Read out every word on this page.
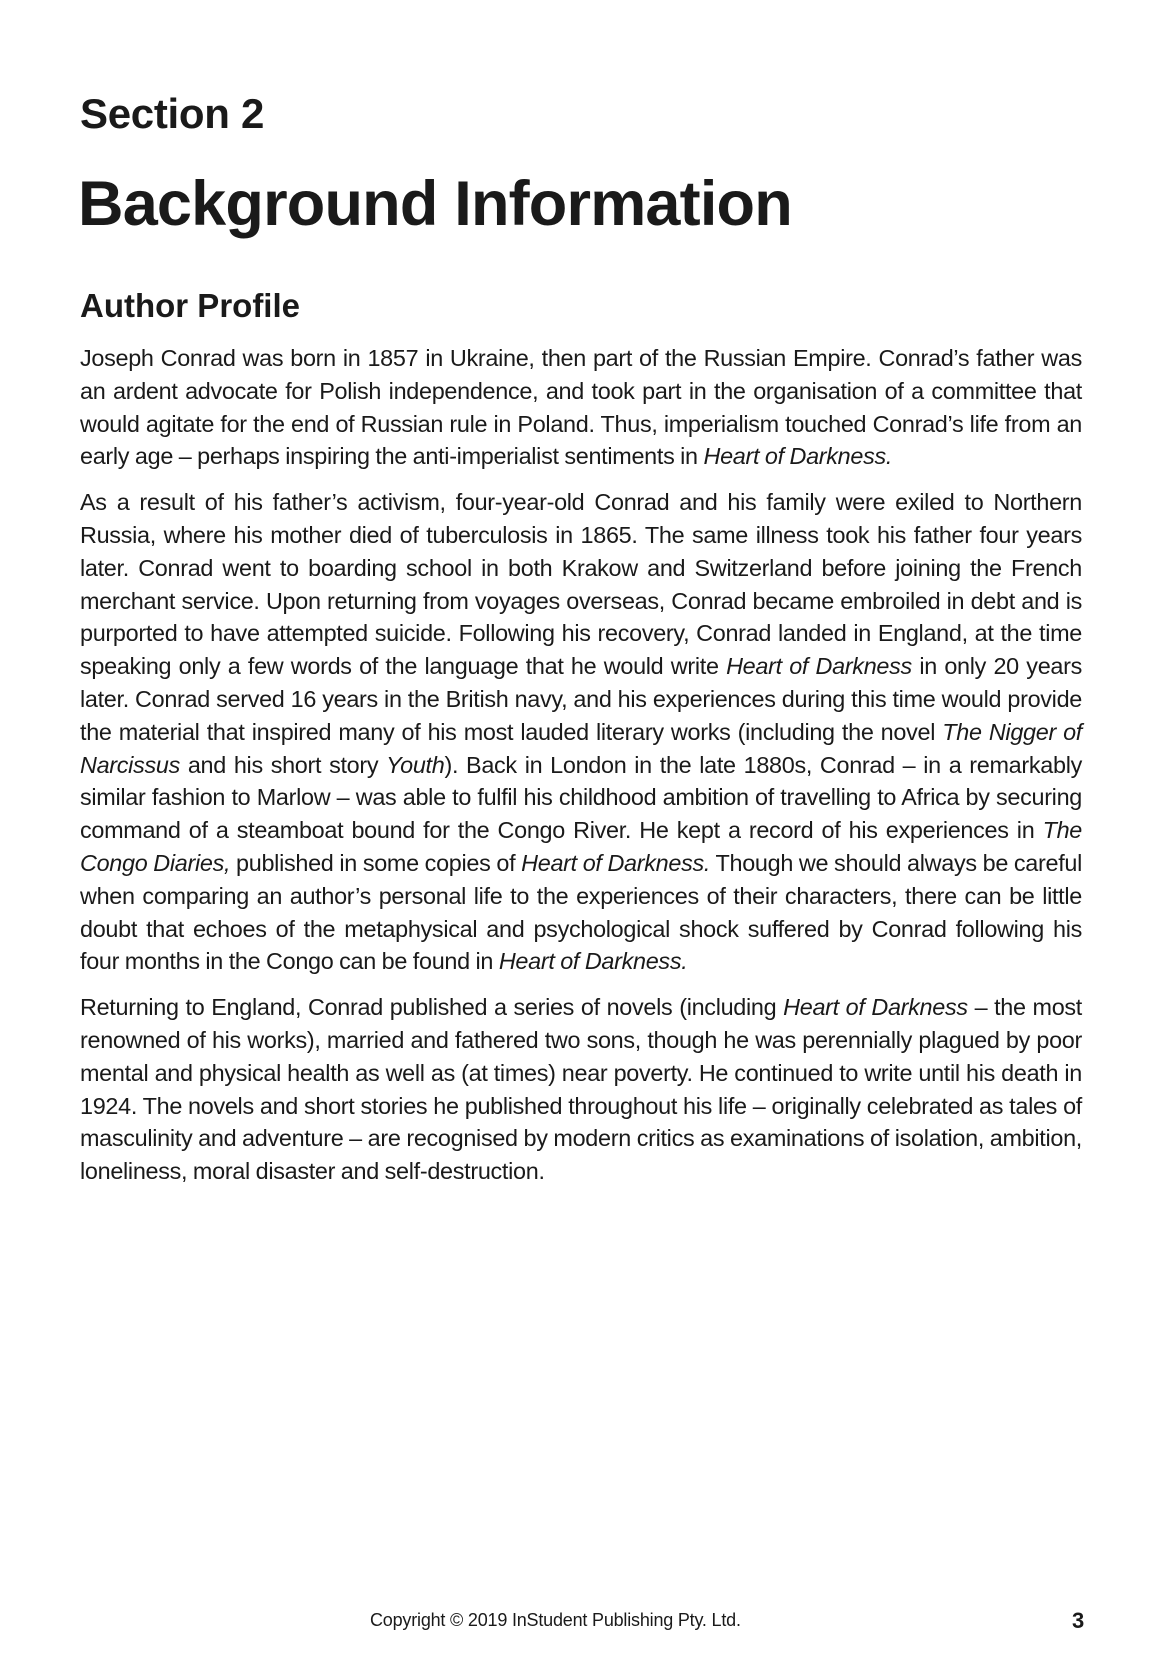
Section 2
Background Information
Author Profile

Joseph Conrad was born in 1857 in Ukraine, then part of the Russian Empire. Conrad’s father was an ardent advocate for Polish independence, and took part in the organisation of a committee that would agitate for the end of Russian rule in Poland. Thus, imperialism touched Conrad’s life from an early age – perhaps inspiring the anti-imperialist sentiments in Heart of Darkness.

As a result of his father’s activism, four-year-old Conrad and his family were exiled to Northern Russia, where his mother died of tuberculosis in 1865. The same illness took his father four years later. Conrad went to boarding school in both Krakow and Switzerland before joining the French merchant service. Upon returning from voyages overseas, Conrad became embroiled in debt and is purported to have attempted suicide. Following his recovery, Conrad landed in England, at the time speaking only a few words of the language that he would write Heart of Darkness in only 20 years later. Conrad served 16 years in the British navy, and his experiences during this time would provide the material that inspired many of his most lauded literary works (including the novel The Nigger of Narcissus and his short story Youth). Back in London in the late 1880s, Conrad – in a remarkably similar fashion to Marlow – was able to fulfil his childhood ambition of travelling to Africa by securing command of a steamboat bound for the Congo River. He kept a record of his experiences in The Congo Diaries, published in some copies of Heart of Darkness. Though we should always be careful when comparing an author’s personal life to the experiences of their characters, there can be little doubt that echoes of the metaphysical and psychological shock suffered by Conrad following his four months in the Congo can be found in Heart of Darkness.

Returning to England, Conrad published a series of novels (including Heart of Darkness – the most renowned of his works), married and fathered two sons, though he was perennially plagued by poor mental and physical health as well as (at times) near poverty. He continued to write until his death in 1924. The novels and short stories he published throughout his life – originally celebrated as tales of masculinity and adventure – are recognised by modern critics as examinations of isolation, ambition, loneliness, moral disaster and self-destruction.

Copyright © 2019 InStudent Publishing Pty. Ltd.	3
